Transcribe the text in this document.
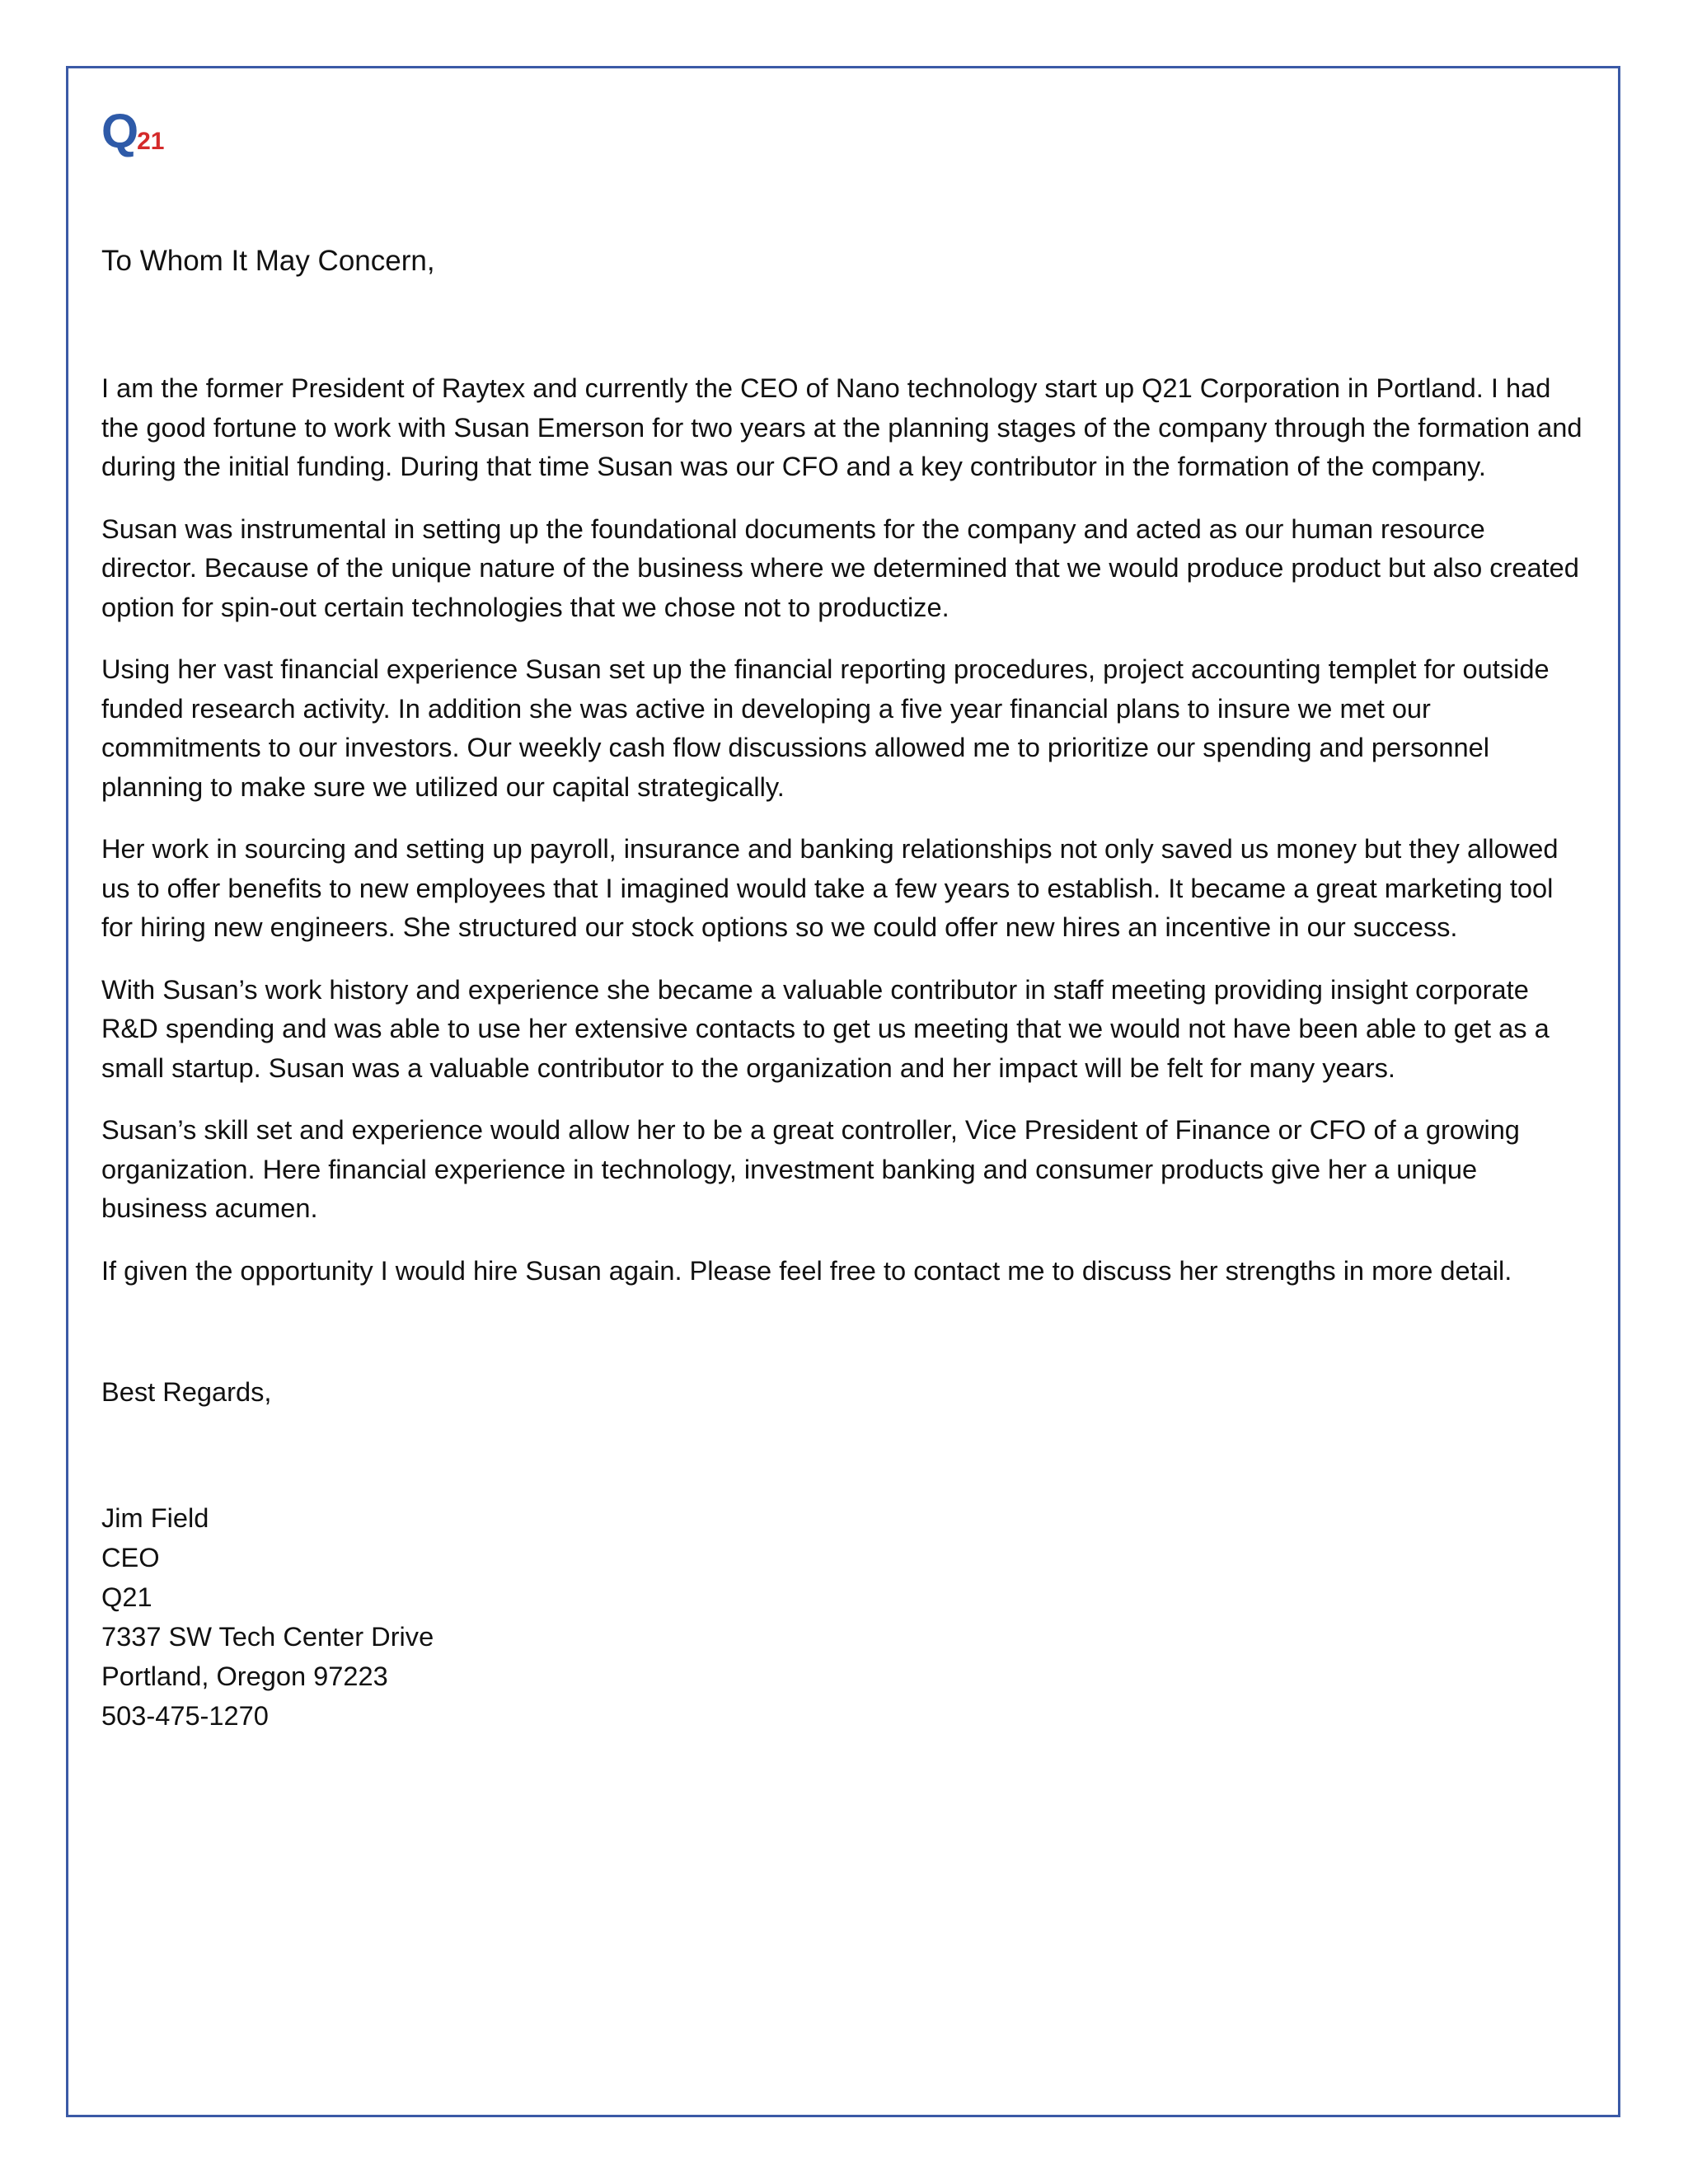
Q21
To Whom It May Concern,

I am the former President of Raytex and currently the CEO of Nano technology start up Q21 Corporation in Portland. I had the good fortune to work with Susan Emerson for two years at the planning stages of the company through the formation and during the initial funding. During that time Susan was our CFO and a key contributor in the formation of the company.

Susan was instrumental in setting up the foundational documents for the company and acted as our human resource director. Because of the unique nature of the business where we determined that we would produce product but also created option for spin-out certain technologies that we chose not to productize.

Using her vast financial experience Susan set up the financial reporting procedures, project accounting templet for outside funded research activity. In addition she was active in developing a five year financial plans to insure we met our commitments to our investors. Our weekly cash flow discussions allowed me to prioritize our spending and personnel planning to make sure we utilized our capital strategically.

Her work in sourcing and setting up payroll, insurance and banking relationships not only saved us money but they allowed us to offer benefits to new employees that I imagined would take a few years to establish. It became a great marketing tool for hiring new engineers. She structured our stock options so we could offer new hires an incentive in our success.

With Susan’s work history and experience she became a valuable contributor in staff meeting providing insight corporate R&D spending and was able to use her extensive contacts to get us meeting that we would not have been able to get as a small startup. Susan was a valuable contributor to the organization and her impact will be felt for many years.

Susan’s skill set and experience would allow her to be a great controller, Vice President of Finance or CFO of a growing organization. Here financial experience in technology, investment banking and consumer products give her a unique business acumen.

If given the opportunity I would hire Susan again. Please feel free to contact me to discuss her strengths in more detail.

Best Regards,
Jim Field
CEO
Q21
7337 SW Tech Center Drive
Portland, Oregon 97223
503-475-1270
